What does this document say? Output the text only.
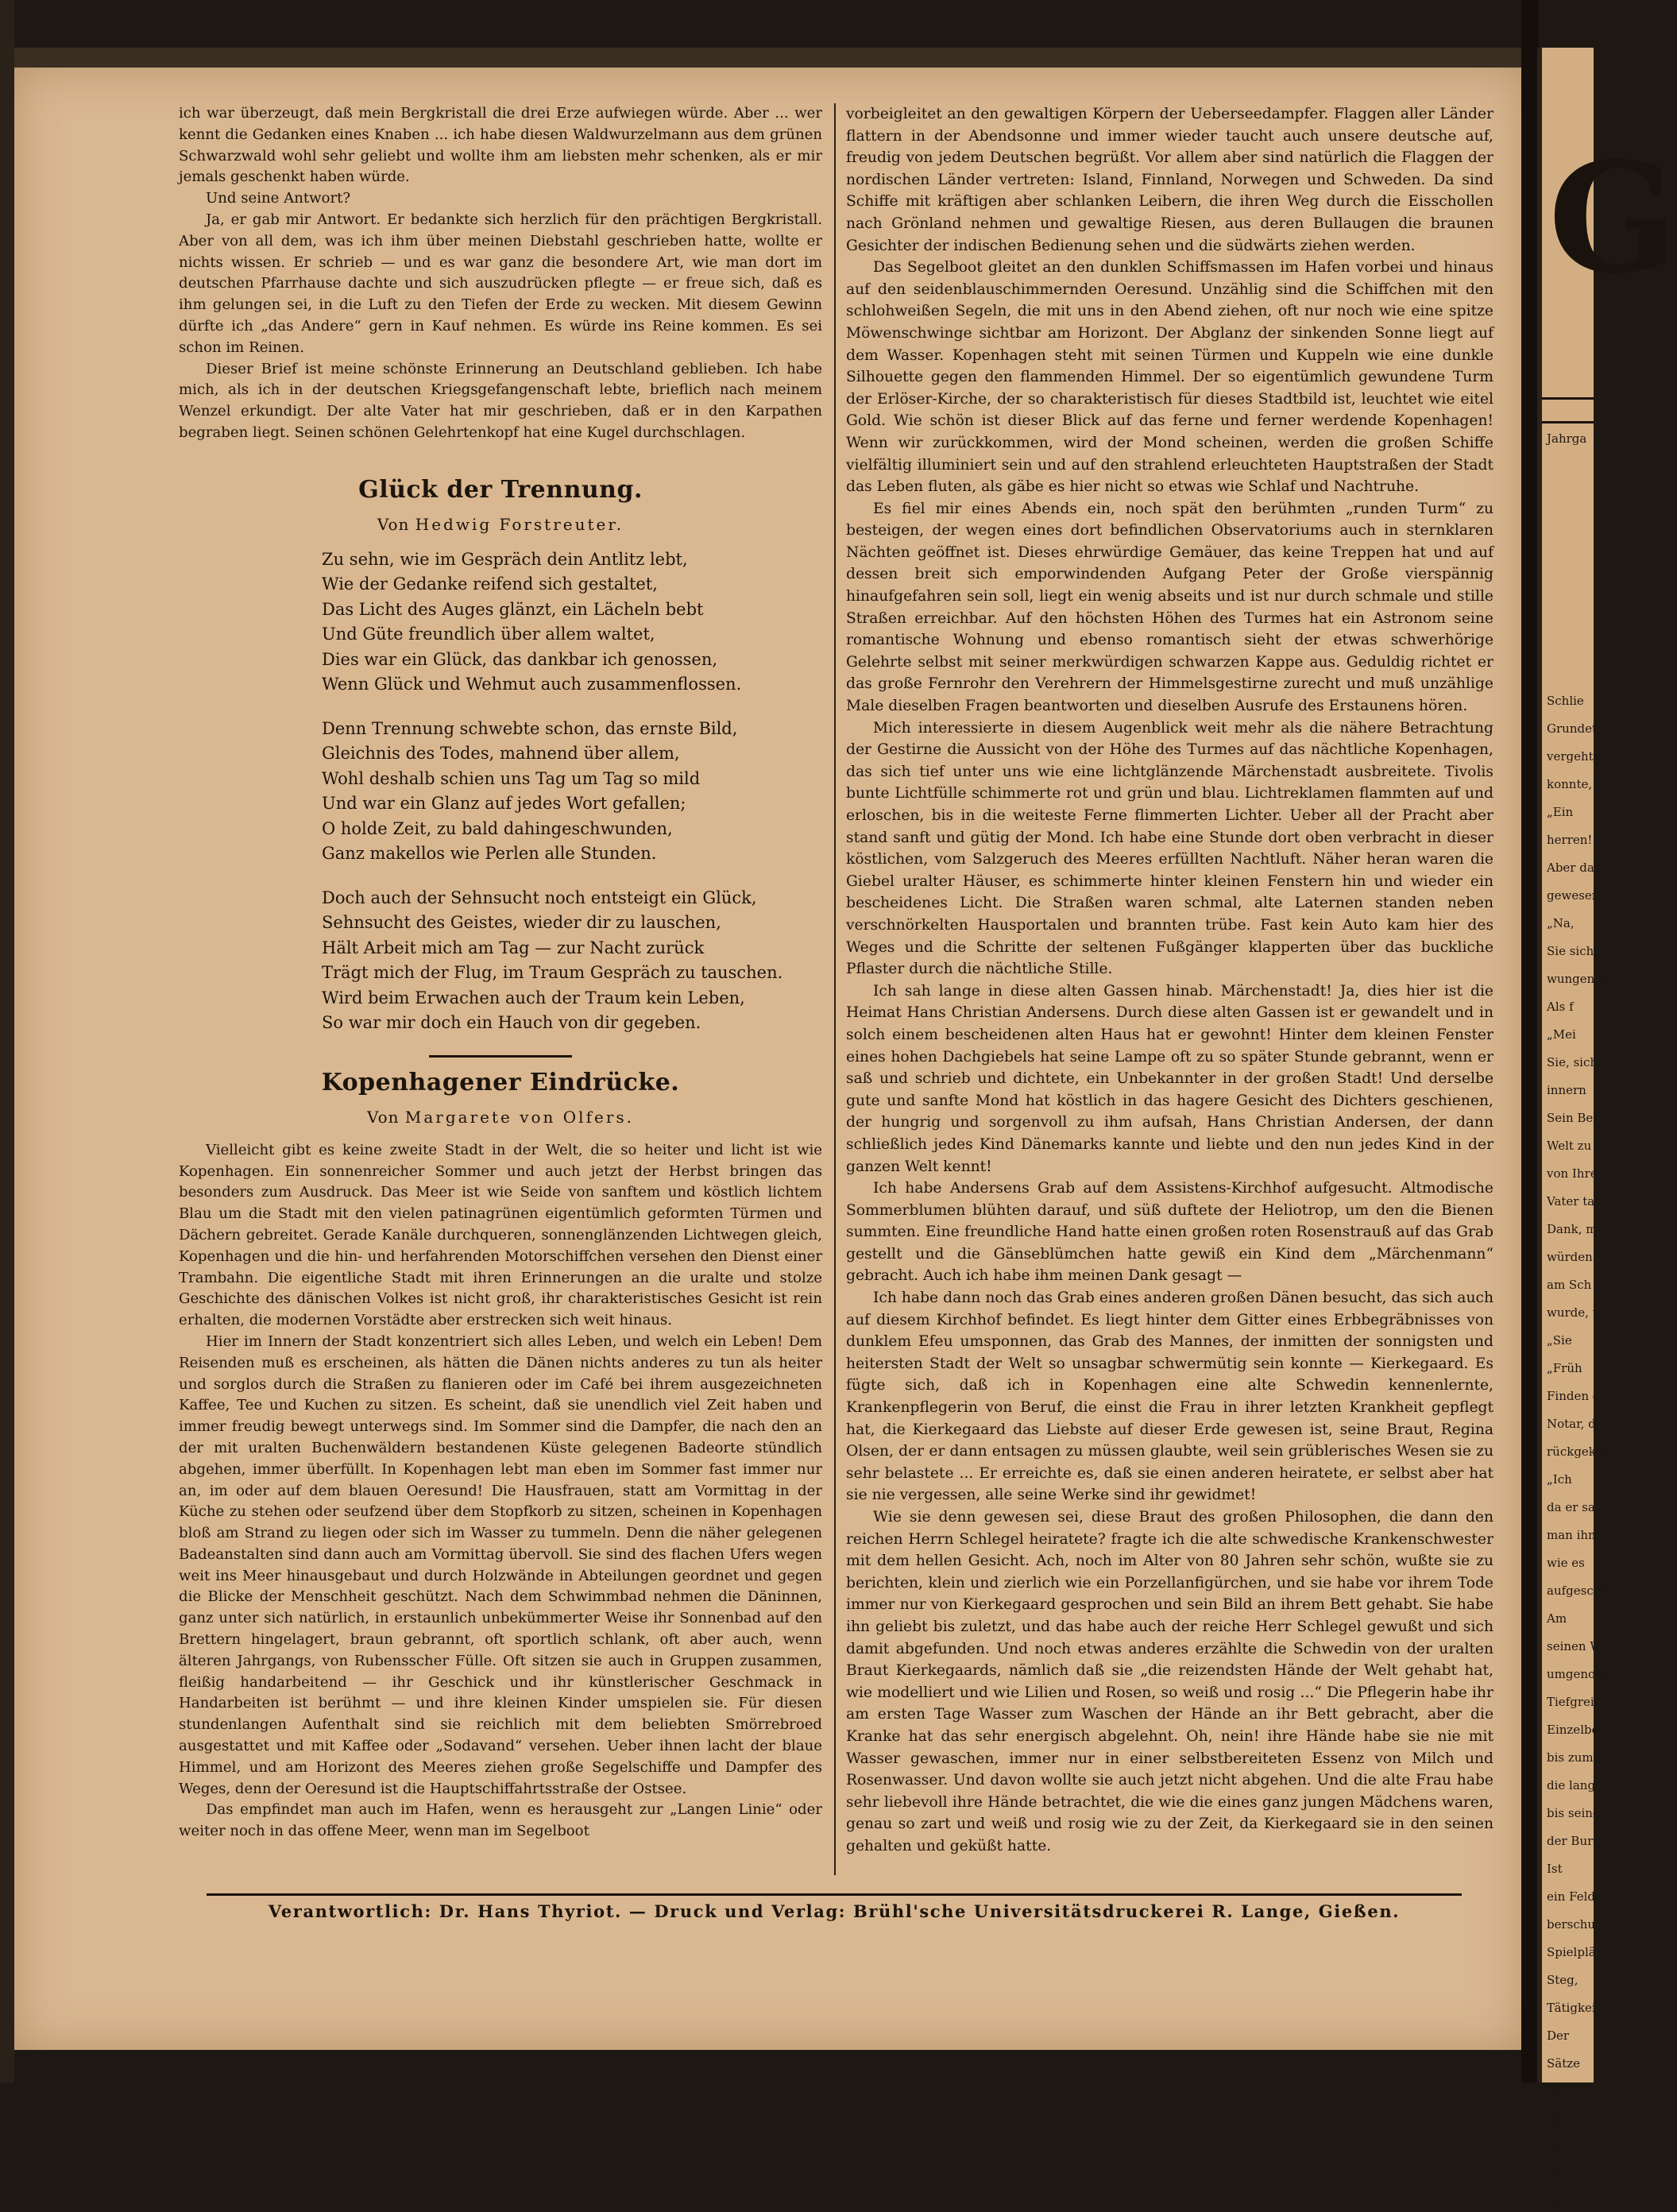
G
Jahrga
Schlie
Grundet,
vergehte,
konnte, i
„Ein
herren!“
Aber das
gewesen
„Na,
Sie sich,
wungen z
Als f
„Mei
Sie, sich
innern
Sein Ber
Welt zu
von Ihre
Vater tab
Dank, m
würden
am Sch
wurde, u
„Sie
„Früh
Finden d
Notar, d
rückgekeh
„Ich
da er sa
man ihm
wie es
aufgesche
Am
seinen W
umgenom
Tiefgreif
Einzelbe
bis zum
die lange
bis seine
der Burz
Ist
ein Feld
berschub
Spielplä
Steg,
Tätigkeit
Der
Sätze
„E
„S
„V
„A
„S

ich war überzeugt, daß mein Bergkristall die drei Erze aufwiegen würde. Aber ... wer kennt die Gedanken eines Knaben ... ich habe diesen Waldwurzelmann aus dem grünen Schwarzwald wohl sehr geliebt und wollte ihm am liebsten mehr schenken, als er mir jemals geschenkt haben würde.

Und seine Antwort?

Ja, er gab mir Antwort. Er bedankte sich herzlich für den prächtigen Bergkristall. Aber von all dem, was ich ihm über meinen Diebstahl geschrieben hatte, wollte er nichts wissen. Er schrieb — und es war ganz die besondere Art, wie man dort im deutschen Pfarrhause dachte und sich auszudrücken pflegte — er freue sich, daß es ihm gelungen sei, in die Luft zu den Tiefen der Erde zu wecken. Mit diesem Gewinn dürfte ich „das Andere“ gern in Kauf nehmen. Es würde ins Reine kommen. Es sei schon im Reinen.

Dieser Brief ist meine schönste Erinnerung an Deutschland geblieben. Ich habe mich, als ich in der deutschen Kriegsgefangenschaft lebte, brieflich nach meinem Wenzel erkundigt. Der alte Vater hat mir geschrieben, daß er in den Karpathen begraben liegt. Seinen schönen Gelehrtenkopf hat eine Kugel durchschlagen.

Glück der Trennung.
Von Hedwig Forstreuter.
Zu sehn, wie im Gespräch dein Antlitz lebt,
Wie der Gedanke reifend sich gestaltet,
Das Licht des Auges glänzt, ein Lächeln bebt
Und Güte freundlich über allem waltet,
Dies war ein Glück, das dankbar ich genossen,
Wenn Glück und Wehmut auch zusammenflossen.
Denn Trennung schwebte schon, das ernste Bild,
Gleichnis des Todes, mahnend über allem,
Wohl deshalb schien uns Tag um Tag so mild
Und war ein Glanz auf jedes Wort gefallen;
O holde Zeit, zu bald dahingeschwunden,
Ganz makellos wie Perlen alle Stunden.
Doch auch der Sehnsucht noch entsteigt ein Glück,
Sehnsucht des Geistes, wieder dir zu lauschen,
Hält Arbeit mich am Tag — zur Nacht zurück
Trägt mich der Flug, im Traum Gespräch zu tauschen.
Wird beim Erwachen auch der Traum kein Leben,
So war mir doch ein Hauch von dir gegeben.
Kopenhagener Eindrücke.
Von Margarete von Olfers.

Vielleicht gibt es keine zweite Stadt in der Welt, die so heiter und licht ist wie Kopenhagen. Ein sonnenreicher Sommer und auch jetzt der Herbst bringen das besonders zum Ausdruck. Das Meer ist wie Seide von sanftem und köstlich lichtem Blau um die Stadt mit den vielen patinagrünen eigentümlich geformten Türmen und Dächern gebreitet. Gerade Kanäle durchqueren, sonnenglänzenden Lichtwegen gleich, Kopenhagen und die hin- und herfahrenden Motorschiffchen versehen den Dienst einer Trambahn. Die eigentliche Stadt mit ihren Erinnerungen an die uralte und stolze Geschichte des dänischen Volkes ist nicht groß, ihr charakteristisches Gesicht ist rein erhalten, die modernen Vorstädte aber erstrecken sich weit hinaus.

Hier im Innern der Stadt konzentriert sich alles Leben, und welch ein Leben! Dem Reisenden muß es erscheinen, als hätten die Dänen nichts anderes zu tun als heiter und sorglos durch die Straßen zu flanieren oder im Café bei ihrem ausgezeichneten Kaffee, Tee und Kuchen zu sitzen. Es scheint, daß sie unendlich viel Zeit haben und immer freudig bewegt unterwegs sind. Im Sommer sind die Dampfer, die nach den an der mit uralten Buchenwäldern bestandenen Küste gelegenen Badeorte stündlich abgehen, immer überfüllt. In Kopenhagen lebt man eben im Sommer fast immer nur an, im oder auf dem blauen Oeresund! Die Hausfrauen, statt am Vormittag in der Küche zu stehen oder seufzend über dem Stopfkorb zu sitzen, scheinen in Kopenhagen bloß am Strand zu liegen oder sich im Wasser zu tummeln. Denn die näher gelegenen Badeanstalten sind dann auch am Vormittag übervoll. Sie sind des flachen Ufers wegen weit ins Meer hinausgebaut und durch Holzwände in Abteilungen geordnet und gegen die Blicke der Menschheit geschützt. Nach dem Schwimmbad nehmen die Däninnen, ganz unter sich natürlich, in erstaunlich unbekümmerter Weise ihr Sonnenbad auf den Brettern hingelagert, braun gebrannt, oft sportlich schlank, oft aber auch, wenn älteren Jahrgangs, von Rubensscher Fülle. Oft sitzen sie auch in Gruppen zusammen, fleißig handarbeitend — ihr Geschick und ihr künstlerischer Geschmack in Handarbeiten ist berühmt — und ihre kleinen Kinder umspielen sie. Für diesen stundenlangen Aufenthalt sind sie reichlich mit dem beliebten Smörrebroed ausgestattet und mit Kaffee oder „Sodavand“ versehen. Ueber ihnen lacht der blaue Himmel, und am Horizont des Meeres ziehen große Segelschiffe und Dampfer des Weges, denn der Oeresund ist die Hauptschiffahrtsstraße der Ostsee.

Das empfindet man auch im Hafen, wenn es herausgeht zur „Langen Linie“ oder weiter noch in das offene Meer, wenn man im Segelboot

vorbeigleitet an den gewaltigen Körpern der Ueberseedampfer. Flaggen aller Länder flattern in der Abendsonne und immer wieder taucht auch unsere deutsche auf, freudig von jedem Deutschen begrüßt. Vor allem aber sind natürlich die Flaggen der nordischen Länder vertreten: Island, Finnland, Norwegen und Schweden. Da sind Schiffe mit kräftigen aber schlanken Leibern, die ihren Weg durch die Eisschollen nach Grönland nehmen und gewaltige Riesen, aus deren Bullaugen die braunen Gesichter der indischen Bedienung sehen und die südwärts ziehen werden.

Das Segelboot gleitet an den dunklen Schiffsmassen im Hafen vorbei und hinaus auf den seidenblauschimmernden Oeresund. Unzählig sind die Schiffchen mit den schlohweißen Segeln, die mit uns in den Abend ziehen, oft nur noch wie eine spitze Möwenschwinge sichtbar am Horizont. Der Abglanz der sinkenden Sonne liegt auf dem Wasser. Kopenhagen steht mit seinen Türmen und Kuppeln wie eine dunkle Silhouette gegen den flammenden Himmel. Der so eigentümlich gewundene Turm der Erlöser-Kirche, der so charakteristisch für dieses Stadtbild ist, leuchtet wie eitel Gold. Wie schön ist dieser Blick auf das ferne und ferner werdende Kopenhagen! Wenn wir zurückkommen, wird der Mond scheinen, werden die großen Schiffe vielfältig illuminiert sein und auf den strahlend erleuchteten Hauptstraßen der Stadt das Leben fluten, als gäbe es hier nicht so etwas wie Schlaf und Nachtruhe.

Es fiel mir eines Abends ein, noch spät den berühmten „runden Turm“ zu besteigen, der wegen eines dort befindlichen Observatoriums auch in sternklaren Nächten geöffnet ist. Dieses ehrwürdige Gemäuer, das keine Treppen hat und auf dessen breit sich emporwindenden Aufgang Peter der Große vierspännig hinaufgefahren sein soll, liegt ein wenig abseits und ist nur durch schmale und stille Straßen erreichbar. Auf den höchsten Höhen des Turmes hat ein Astronom seine romantische Wohnung und ebenso romantisch sieht der etwas schwerhörige Gelehrte selbst mit seiner merkwürdigen schwarzen Kappe aus. Geduldig richtet er das große Fernrohr den Verehrern der Himmelsgestirne zurecht und muß unzählige Male dieselben Fragen beantworten und dieselben Ausrufe des Erstaunens hören.

Mich interessierte in diesem Augenblick weit mehr als die nähere Betrachtung der Gestirne die Aussicht von der Höhe des Turmes auf das nächtliche Kopenhagen, das sich tief unter uns wie eine lichtglänzende Märchenstadt ausbreitete. Tivolis bunte Lichtfülle schimmerte rot und grün und blau. Lichtreklamen flammten auf und erloschen, bis in die weiteste Ferne flimmerten Lichter. Ueber all der Pracht aber stand sanft und gütig der Mond. Ich habe eine Stunde dort oben verbracht in dieser köstlichen, vom Salzgeruch des Meeres erfüllten Nachtluft. Näher heran waren die Giebel uralter Häuser, es schimmerte hinter kleinen Fenstern hin und wieder ein bescheidenes Licht. Die Straßen waren schmal, alte Laternen standen neben verschnörkelten Hausportalen und brannten trübe. Fast kein Auto kam hier des Weges und die Schritte der seltenen Fußgänger klapperten über das buckliche Pflaster durch die nächtliche Stille.

Ich sah lange in diese alten Gassen hinab. Märchenstadt! Ja, dies hier ist die Heimat Hans Christian Andersens. Durch diese alten Gassen ist er gewandelt und in solch einem bescheidenen alten Haus hat er gewohnt! Hinter dem kleinen Fenster eines hohen Dachgiebels hat seine Lampe oft zu so später Stunde gebrannt, wenn er saß und schrieb und dichtete, ein Unbekannter in der großen Stadt! Und derselbe gute und sanfte Mond hat köstlich in das hagere Gesicht des Dichters geschienen, der hungrig und sorgenvoll zu ihm aufsah, Hans Christian Andersen, der dann schließlich jedes Kind Dänemarks kannte und liebte und den nun jedes Kind in der ganzen Welt kennt!

Ich habe Andersens Grab auf dem Assistens-Kirchhof aufgesucht. Altmodische Sommerblumen blühten darauf, und süß duftete der Heliotrop, um den die Bienen summten. Eine freundliche Hand hatte einen großen roten Rosenstrauß auf das Grab gestellt und die Gänseblümchen hatte gewiß ein Kind dem „Märchenmann“ gebracht. Auch ich habe ihm meinen Dank gesagt —

Ich habe dann noch das Grab eines anderen großen Dänen besucht, das sich auch auf diesem Kirchhof befindet. Es liegt hinter dem Gitter eines Erbbegräbnisses von dunklem Efeu umsponnen, das Grab des Mannes, der inmitten der sonnigsten und heitersten Stadt der Welt so unsagbar schwermütig sein konnte — Kierkegaard. Es fügte sich, daß ich in Kopenhagen eine alte Schwedin kennenlernte, Krankenpflegerin von Beruf, die einst die Frau in ihrer letzten Krankheit gepflegt hat, die Kierkegaard das Liebste auf dieser Erde gewesen ist, seine Braut, Regina Olsen, der er dann entsagen zu müssen glaubte, weil sein grüblerisches Wesen sie zu sehr belastete ... Er erreichte es, daß sie einen anderen heiratete, er selbst aber hat sie nie vergessen, alle seine Werke sind ihr gewidmet!

Wie sie denn gewesen sei, diese Braut des großen Philosophen, die dann den reichen Herrn Schlegel heiratete? fragte ich die alte schwedische Krankenschwester mit dem hellen Gesicht. Ach, noch im Alter von 80 Jahren sehr schön, wußte sie zu berichten, klein und zierlich wie ein Porzellanfigürchen, und sie habe vor ihrem Tode immer nur von Kierkegaard gesprochen und sein Bild an ihrem Bett gehabt. Sie habe ihn geliebt bis zuletzt, und das habe auch der reiche Herr Schlegel gewußt und sich damit abgefunden. Und noch etwas anderes erzählte die Schwedin von der uralten Braut Kierkegaards, nämlich daß sie „die reizendsten Hände der Welt gehabt hat, wie modelliert und wie Lilien und Rosen, so weiß und rosig ...“ Die Pflegerin habe ihr am ersten Tage Wasser zum Waschen der Hände an ihr Bett gebracht, aber die Kranke hat das sehr energisch abgelehnt. Oh, nein! ihre Hände habe sie nie mit Wasser gewaschen, immer nur in einer selbstbereiteten Essenz von Milch und Rosenwasser. Und davon wollte sie auch jetzt nicht abgehen. Und die alte Frau habe sehr liebevoll ihre Hände betrachtet, die wie die eines ganz jungen Mädchens waren, genau so zart und weiß und rosig wie zu der Zeit, da Kierkegaard sie in den seinen gehalten und geküßt hatte.

Verantwortlich: Dr. Hans Thyriot. — Druck und Verlag: Brühl'sche Universitätsdruckerei R. Lange, Gießen.
